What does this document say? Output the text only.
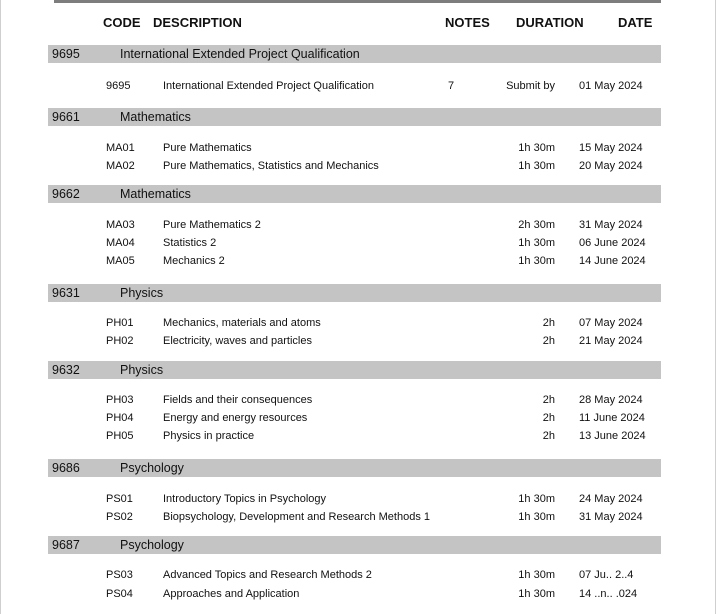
CODE DESCRIPTION	NOTES DURATION	DATE
9695	International Extended Project Qualification
9695	International Extended Project Qualification	7	Submit by 01 May 2024
9661	Mathematics
MA01	Pure Mathematics	1h 30m 15 May 2024
MA02	Pure Mathematics, Statistics and Mechanics	1h 30m 20 May 2024
9662	Mathematics
MA03	Pure Mathematics 2	2h 30m 31 May 2024
MA04	Statistics 2	1h 30m 06 June 2024
MA05	Mechanics 2	1h 30m 14 June 2024
9631	Physics
PH01	Mechanics, materials and atoms	2h 07 May 2024
PH02	Electricity, waves and particles	2h 21 May 2024
9632	Physics
PH03	Fields and their consequences	2h 28 May 2024
PH04	Energy and energy resources	2h 11 June 2024
PH05	Physics in practice	2h 13 June 2024
9686	Psychology
PS01	Introductory Topics in Psychology	1h 30m 24 May 2024
PS02	Biopsychology, Development and Research Methods 1	1h 30m 31 May 2024
9687	Psychology
PS03	Advanced Topics and Research Methods 2	1h 30m 07 Ju.. 2..4
PS04	Approaches and Application	1h 30m 14 ..n.. .024
